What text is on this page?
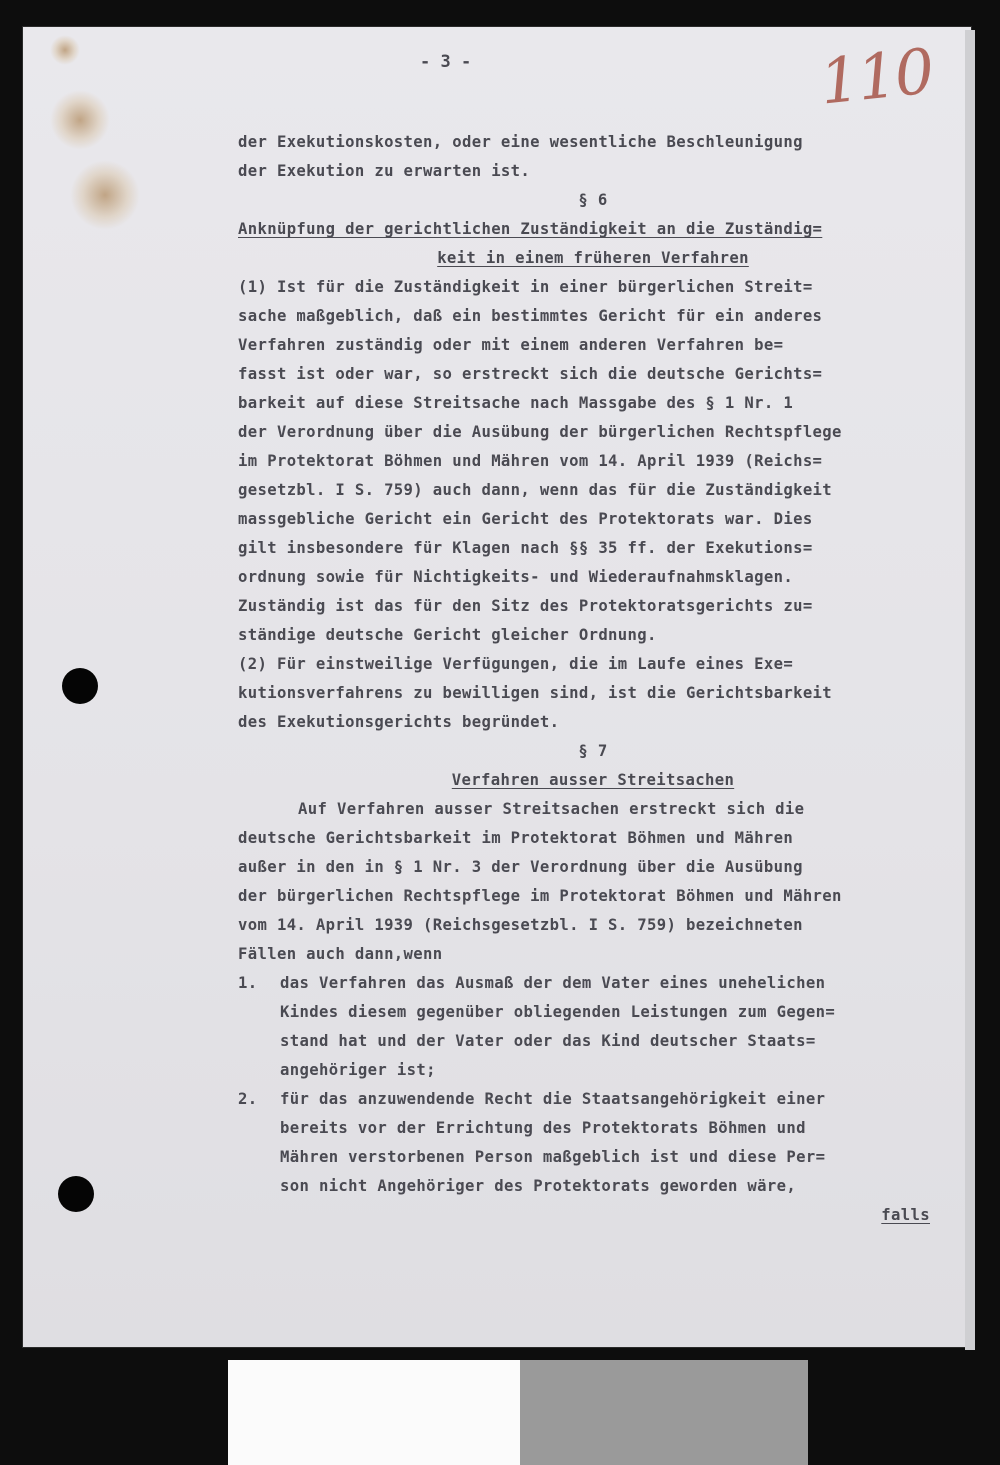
- 3 -	110
der Exekutionskosten, oder eine wesentliche Beschleunigung
der Exekution zu erwarten ist.
§ 6
Anknüpfung der gerichtlichen Zuständigkeit an die Zuständig=
keit in einem früheren Verfahren
(1) Ist für die Zuständigkeit in einer bürgerlichen Streit=
sache maßgeblich, daß ein bestimmtes Gericht für ein anderes
Verfahren zuständig oder mit einem anderen Verfahren be=
fasst ist oder war, so erstreckt sich die deutsche Gerichts=
barkeit auf diese Streitsache nach Massgabe des § 1 Nr. 1
der Verordnung über die Ausübung der bürgerlichen Rechtspflege
im Protektorat Böhmen und Mähren vom 14. April 1939 (Reichs=
gesetzbl. I S. 759) auch dann, wenn das für die Zuständigkeit
massgebliche Gericht ein Gericht des Protektorats war. Dies
gilt insbesondere für Klagen nach §§ 35 ff. der Exekutions=
ordnung sowie für Nichtigkeits- und Wiederaufnahmsklagen.
Zuständig ist das für den Sitz des Protektoratsgerichts zu=
ständige deutsche Gericht gleicher Ordnung.
(2) Für einstweilige Verfügungen, die im Laufe eines Exe=
kutionsverfahrens zu bewilligen sind, ist die Gerichtsbarkeit
des Exekutionsgerichts begründet.
§ 7
Verfahren ausser Streitsachen
Auf Verfahren ausser Streitsachen erstreckt sich die
deutsche Gerichtsbarkeit im Protektorat Böhmen und Mähren
außer in den in § 1 Nr. 3 der Verordnung über die Ausübung
der bürgerlichen Rechtspflege im Protektorat Böhmen und Mähren
vom 14. April 1939 (Reichsgesetzbl. I S. 759) bezeichneten
Fällen auch dann,wenn
1. das Verfahren das Ausmaß der dem Vater eines unehelichen
Kindes diesem gegenüber obliegenden Leistungen zum Gegen=
stand hat und der Vater oder das Kind deutscher Staats=
angehöriger ist;
2. für das anzuwendende Recht die Staatsangehörigkeit einer
bereits vor der Errichtung des Protektorats Böhmen und
Mähren verstorbenen Person maßgeblich ist und diese Per=
son nicht Angehöriger des Protektorats geworden wäre,
falls
